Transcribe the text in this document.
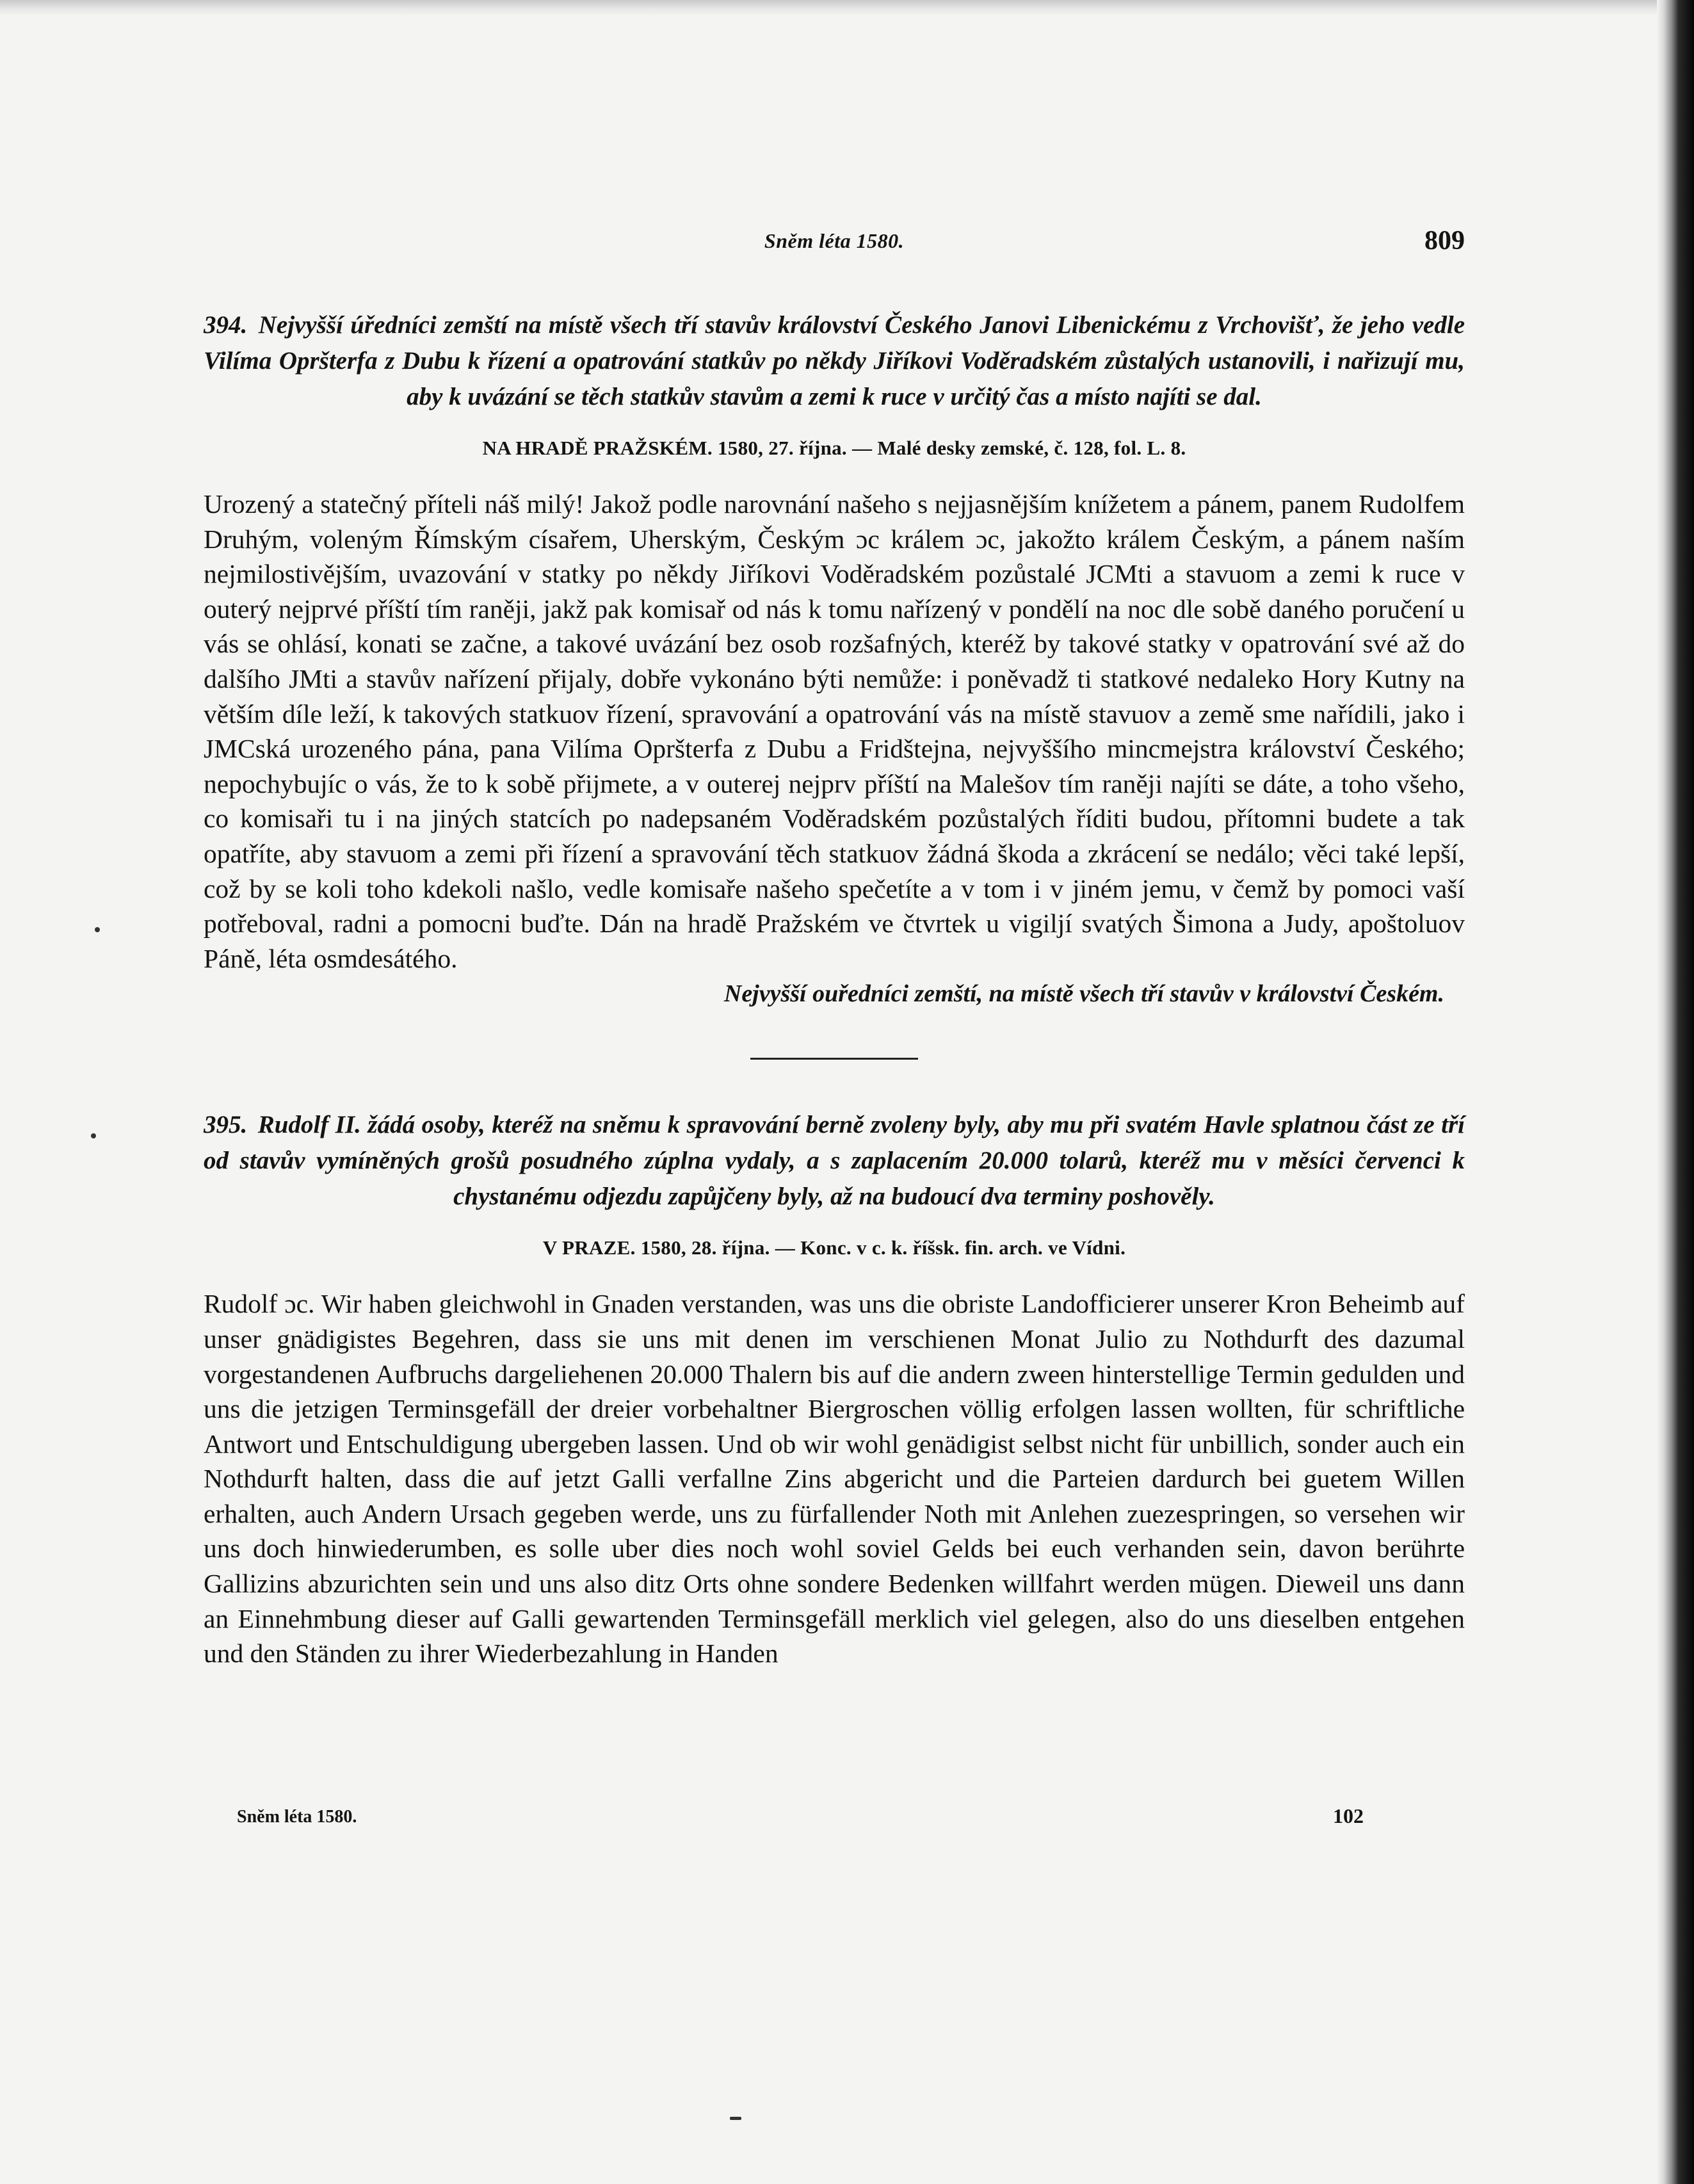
Sněm léta 1580.	809

394. Nejvyšší úředníci zemští na místě všech tří stavův království Českého Janovi Libenickému z Vrchovišť, že jeho vedle Vilíma Opršterfa z Dubu k řízení a opatrování statkův po někdy Jiříkovi Voděradském zůstalých ustanovili, i nařizují mu, aby k uvázání se těch statkův stavům a zemi k ruce v určitý čas a místo najíti se dal.

NA HRADĚ PRAŽSKÉM. 1580, 27. října. — Malé desky zemské, č. 128, fol. L. 8.

Urozený a statečný příteli náš milý! Jakož podle narovnání našeho s nejjasnějším knížetem a pánem, panem Rudolfem Druhým, voleným Římským císařem, Uherským, Českým ɔc králem ɔc, jakožto králem Českým, a pánem naším nejmilostivějším, uvazování v statky po někdy Jiříkovi Voděradském pozůstalé JCMti a stavuom a zemi k ruce v outerý nejprvé příští tím raněji, jakž pak komisař od nás k tomu nařízený v pondělí na noc dle sobě daného poručení u vás se ohlásí, konati se začne, a takové uvázání bez osob rozšafných, kteréž by takové statky v opatrování své až do dalšího JMti a stavův nařízení přijaly, dobře vykonáno býti nemůže: i poněvadž ti statkové nedaleko Hory Kutny na větším díle leží, k takových statkuov řízení, spravování a opatrování vás na místě stavuov a země sme nařídili, jako i JMCská urozeného pána, pana Vilíma Opršterfa z Dubu a Fridštejna, nejvyššího mincmejstra království Českého; nepochybujíc o vás, že to k sobě přijmete, a v outerej nejprv příští na Malešov tím raněji najíti se dáte, a toho všeho, co komisaři tu i na jiných statcích po nadepsaném Voděradském pozůstalých říditi budou, přítomni budete a tak opatříte, aby stavuom a zemi při řízení a spravování těch statkuov žádná škoda a zkrácení se nedálo; věci také lepší, což by se koli toho kdekoli našlo, vedle komisaře našeho spečetíte a v tom i v jiném jemu, v čemž by pomoci vaší potřeboval, radni a pomocni buďte. Dán na hradě Pražském ve čtvrtek u vigiljí svatých Šimona a Judy, apoštoluov Páně, léta osmdesátého.

Nejvyšší ouředníci zemští, na místě všech tří stavův v království Českém.

395. Rudolf II. žádá osoby, kteréž na sněmu k spravování berně zvoleny byly, aby mu při svatém Havle splatnou část ze tří od stavův vymíněných grošů posudného zúplna vydaly, a s zaplacením 20.000 tolarů, kteréž mu v měsíci červenci k chystanému odjezdu zapůjčeny byly, až na budoucí dva terminy poshověly.

V PRAZE. 1580, 28. října. — Konc. v c. k. říšsk. fin. arch. ve Vídni.

Rudolf ɔc. Wir haben gleichwohl in Gnaden verstanden, was uns die obriste Landofficierer unserer Kron Beheimb auf unser gnädigistes Begehren, dass sie uns mit denen im verschienen Monat Julio zu Nothdurft des dazumal vorgestandenen Aufbruchs dargeliehenen 20.000 Thalern bis auf die andern zween hinterstellige Termin gedulden und uns die jetzigen Terminsgefäll der dreier vorbehaltner Biergroschen völlig erfolgen lassen wollten, für schriftliche Antwort und Entschuldigung ubergeben lassen. Und ob wir wohl genädigist selbst nicht für unbillich, sonder auch ein Nothdurft halten, dass die auf jetzt Galli verfallne Zins abgericht und die Parteien dardurch bei guetem Willen erhalten, auch Andern Ursach gegeben werde, uns zu fürfallender Noth mit Anlehen zuezespringen, so versehen wir uns doch hinwiederumben, es solle uber dies noch wohl soviel Gelds bei euch verhanden sein, davon berührte Gallizins abzurichten sein und uns also ditz Orts ohne sondere Bedenken willfahrt werden mügen. Dieweil uns dann an Einnehmbung dieser auf Galli gewartenden Terminsgefäll merklich viel gelegen, also do uns dieselben entgehen und den Ständen zu ihrer Wiederbezahlung in Handen

Sněm léta 1580.	102
